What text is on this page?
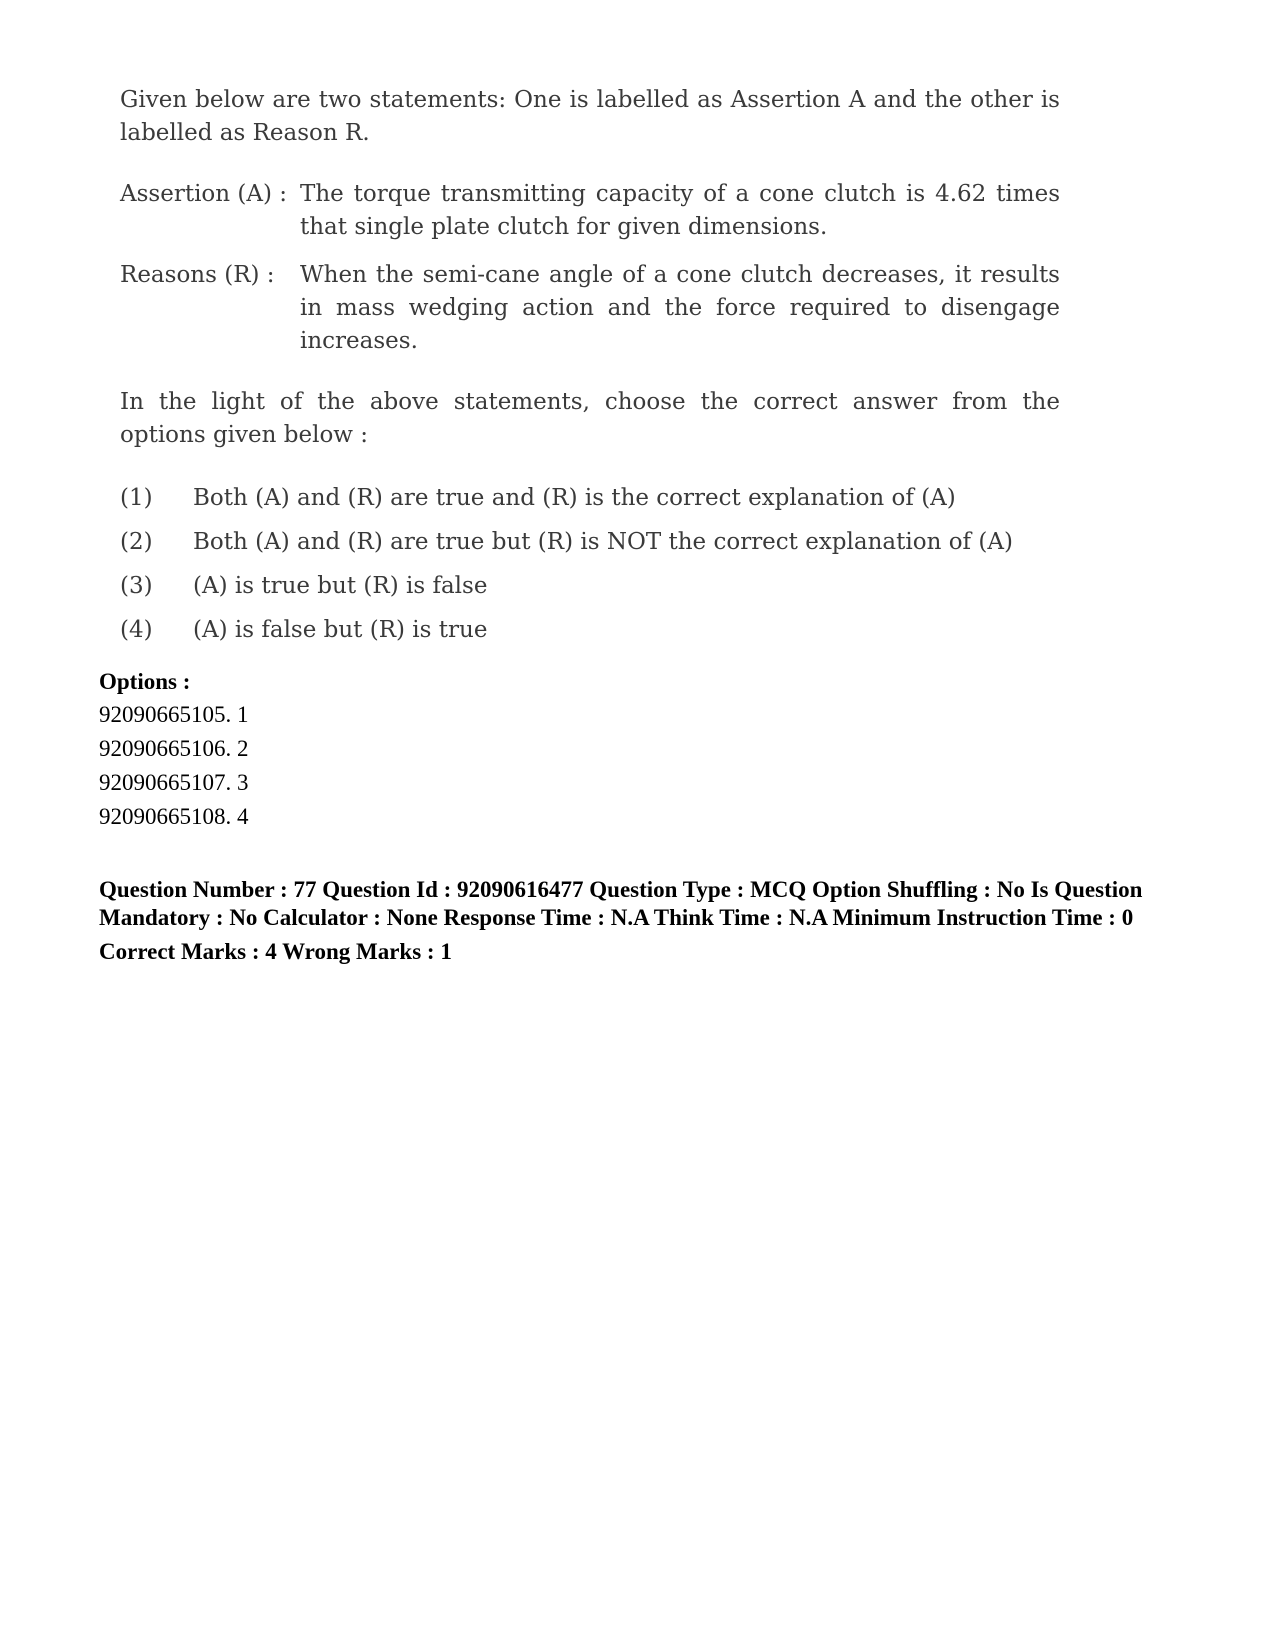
Given below are two statements: One is labelled as Assertion A and the other is labelled as Reason R.

Assertion (A) : The torque transmitting capacity of a cone clutch is 4.62 times that single plate clutch for given dimensions.
Reasons (R) :	When the semi-cane angle of a cone clutch decreases, it results in mass wedging action and the force required to disengage increases.

In the light of the above statements, choose the correct answer from the options given below :

(1)	Both (A) and (R) are true and (R) is the correct explanation of (A)
(2)	Both (A) and (R) are true but (R) is NOT the correct explanation of (A)
(3)	(A) is true but (R) is false
(4)	(A) is false but (R) is true
Options :
92090665105. 1
92090665106. 2
92090665107. 3
92090665108. 4
Question Number : 77 Question Id : 92090616477 Question Type : MCQ Option Shuffling : No Is Question Mandatory : No Calculator : None Response Time : N.A Think Time : N.A Minimum Instruction Time : 0
Correct Marks : 4 Wrong Marks : 1
